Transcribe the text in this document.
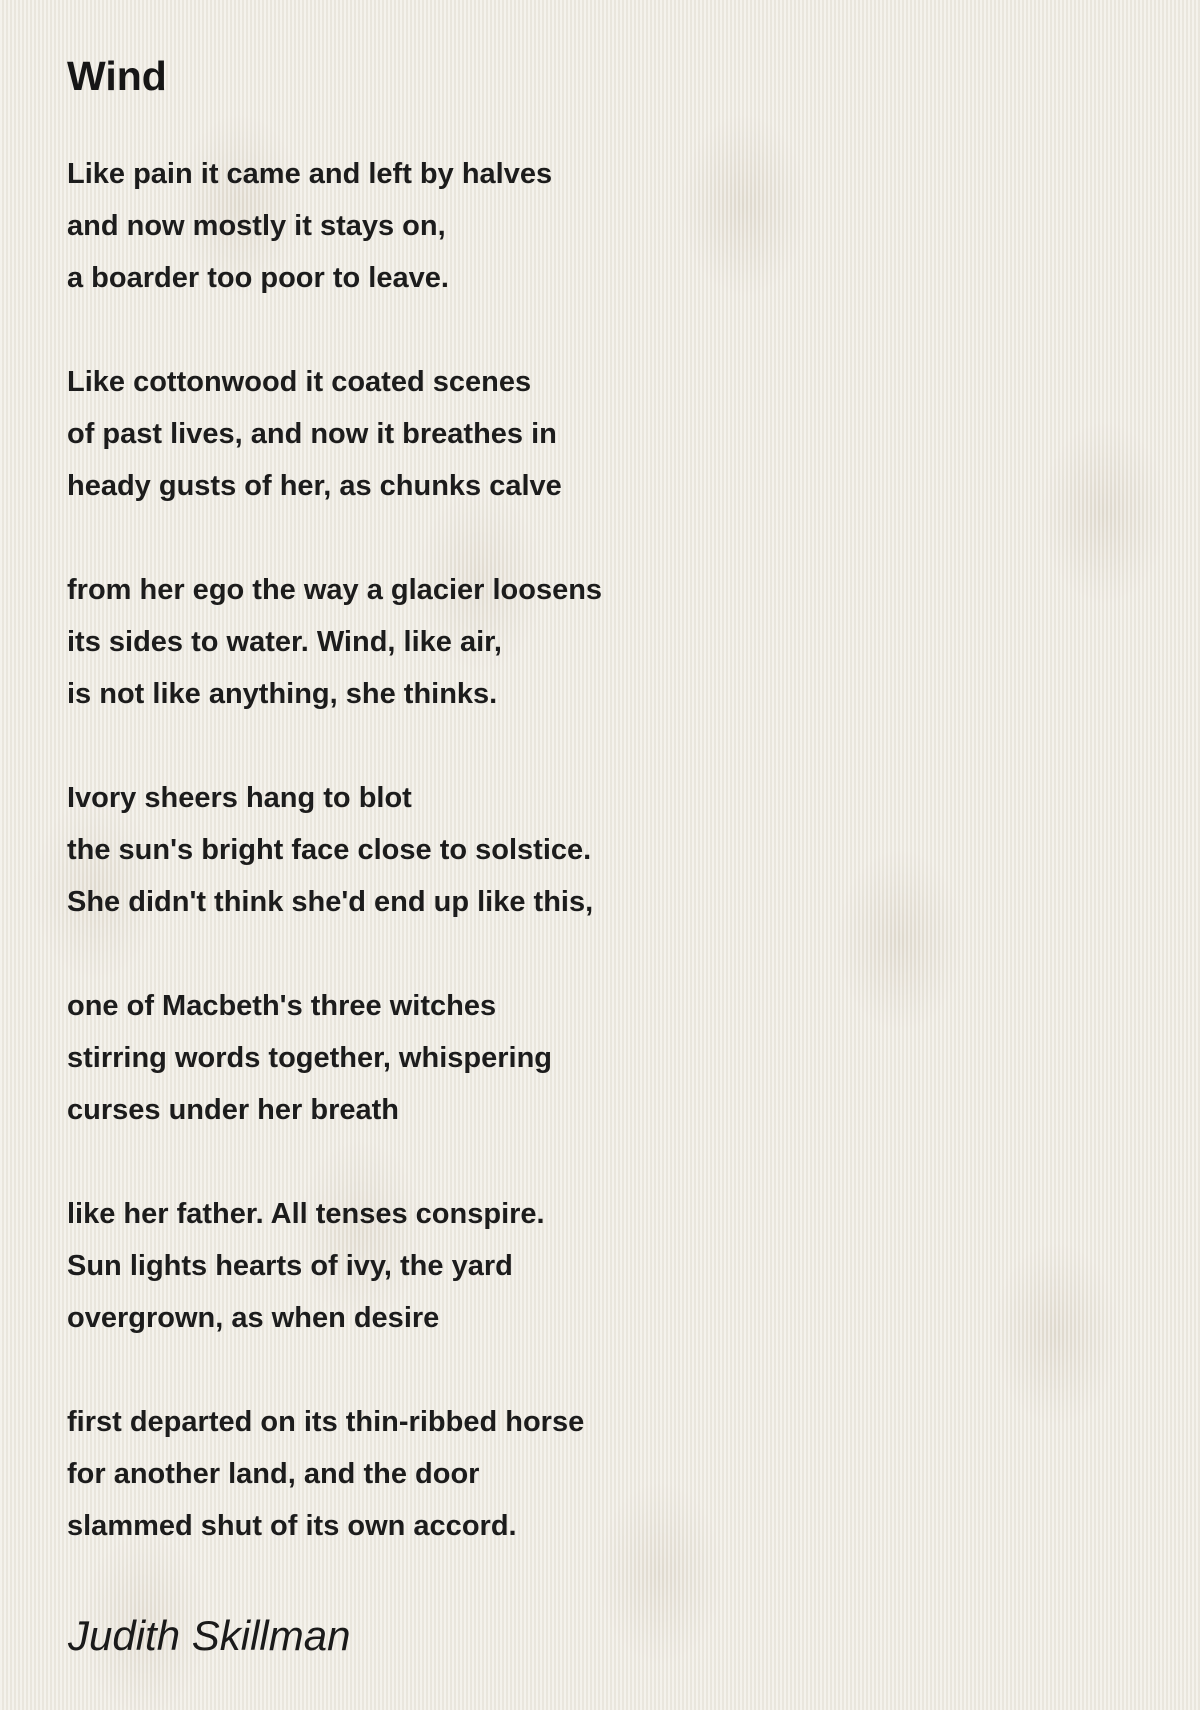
Wind
Like pain it came and left by halves
and now mostly it stays on,
a boarder too poor to leave.
Like cottonwood it coated scenes
of past lives, and now it breathes in
heady gusts of her, as chunks calve
from her ego the way a glacier loosens
its sides to water. Wind, like air,
is not like anything, she thinks.
Ivory sheers hang to blot
the sun's bright face close to solstice.
She didn't think she'd end up like this,
one of Macbeth's three witches
stirring words together, whispering
curses under her breath
like her father. All tenses conspire.
Sun lights hearts of ivy, the yard
overgrown, as when desire
first departed on its thin-ribbed horse
for another land, and the door
slammed shut of its own accord.
Judith Skillman
